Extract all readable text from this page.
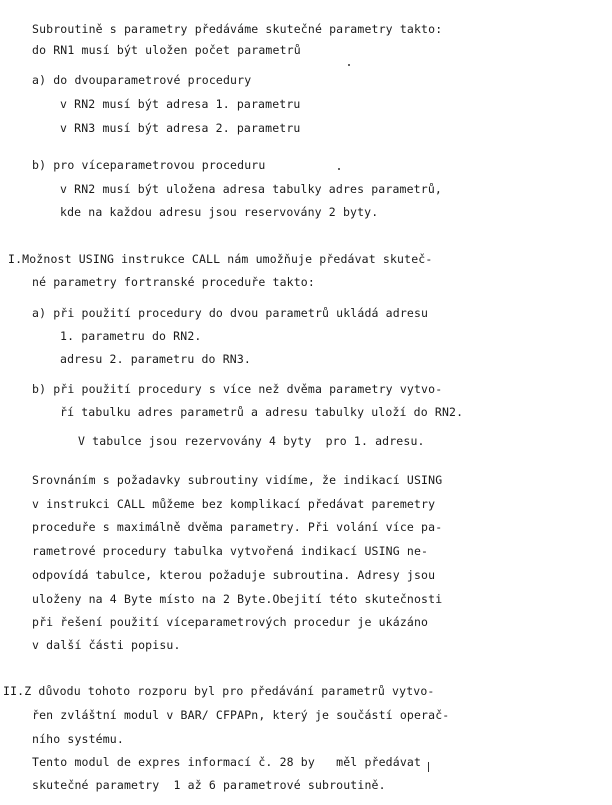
Subroutině s parametry předáváme skutečné parametry takto:
do RN1 musí být uložen počet parametrů
a) do dvouparametrové procedury
v RN2 musí být adresa 1. parametru
v RN3 musí být adresa 2. parametru
b) pro víceparametrovou proceduru
v RN2 musí být uložena adresa tabulky adres parametrů,
kde na každou adresu jsou reservovány 2 byty.
I.Možnost USING instrukce CALL nám umožňuje předávat skuteč-
né parametry fortranské proceduře takto:
a) při použití procedury do dvou parametrů ukládá adresu
1. parametru do RN2.
adresu 2. parametru do RN3.
b) při použití procedury s více než dvěma parametry vytvo-
ří tabulku adres parametrů a adresu tabulky uloží do RN2.
V tabulce jsou rezervovány 4 byty  pro 1. adresu.
Srovnáním s požadavky subroutiny vidíme, že indikací USING
v instrukci CALL můžeme bez komplikací předávat paremetry
proceduře s maximálně dvěma parametry. Při volání více pa-
rametrové procedury tabulka vytvořená indikací USING ne-
odpovídá tabulce, kterou požaduje subroutina. Adresy jsou
uloženy na 4 Byte místo na 2 Byte.Obejití této skutečnosti
při řešení použití víceparametrových procedur je ukázáno
v další části popisu.
II.Z důvodu tohoto rozporu byl pro předávání parametrů vytvo-
řen zvláštní modul v BAR/ CFPAPn, který je součástí operač-
ního systému.
Tento modul de expres informací č. 28 by   měl předávat
skutečné parametry  1 až 6 parametrové subroutině.
